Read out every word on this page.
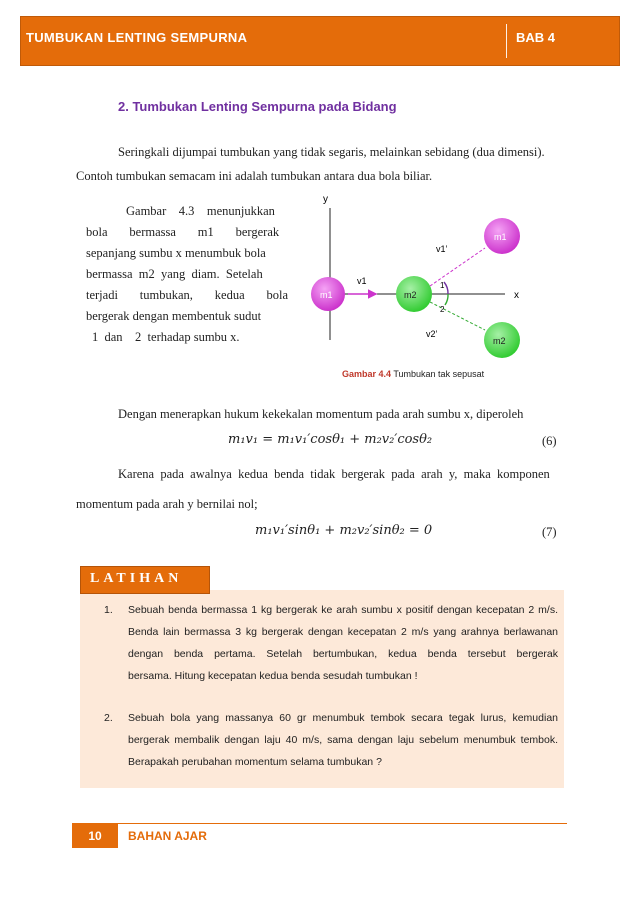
TUMBUKAN LENTING SEMPURNA	BAB 4
2. Tumbukan Lenting Sempurna pada Bidang
Seringkali dijumpai tumbukan yang tidak segaris, melainkan sebidang (dua dimensi).
Contoh tumbukan semacam ini adalah tumbukan antara dua bola biliar.
Gambar    4.3    menunjukkan
bola       bermassa       m1       bergerak
sepanjang sumbu x menumbuk bola
bermassa  m2  yang  diam.  Setelah
terjadi       tumbukan,       kedua       bola
bergerak dengan membentuk sudut
1  dan    2  terhadap sumbu x.
y
x
m1
v1
m2
1
2
m1
v1’
m2
v2’
Gambar 4.4 Tumbukan tak sepusat
Dengan menerapkan hukum kekekalan momentum pada arah sumbu x, diperoleh
m₁v₁ = m₁v₁′cosθ₁ + m₂v₂′cosθ₂	(6)
Karena  pada  awalnya  kedua  benda  tidak  bergerak  pada  arah  y,  maka  komponen
momentum pada arah y bernilai nol;
m₁v₁′sinθ₁ + m₂v₂′sinθ₂ = 0	(7)
LATIHAN
1. Sebuah benda bermassa 1 kg bergerak ke arah sumbu x positif dengan kecepatan 2 m/s.
Benda lain bermassa 3 kg bergerak dengan kecepatan 2 m/s yang arahnya berlawanan
dengan benda pertama. Setelah bertumbukan, kedua benda tersebut bergerak
bersama. Hitung kecepatan kedua benda sesudah tumbukan !
2. Sebuah bola yang massanya 60 gr menumbuk tembok secara tegak lurus, kemudian
bergerak membalik dengan laju 40 m/s, sama dengan laju sebelum menumbuk tembok.
Berapakah perubahan momentum selama tumbukan ?
10	BAHAN AJAR
